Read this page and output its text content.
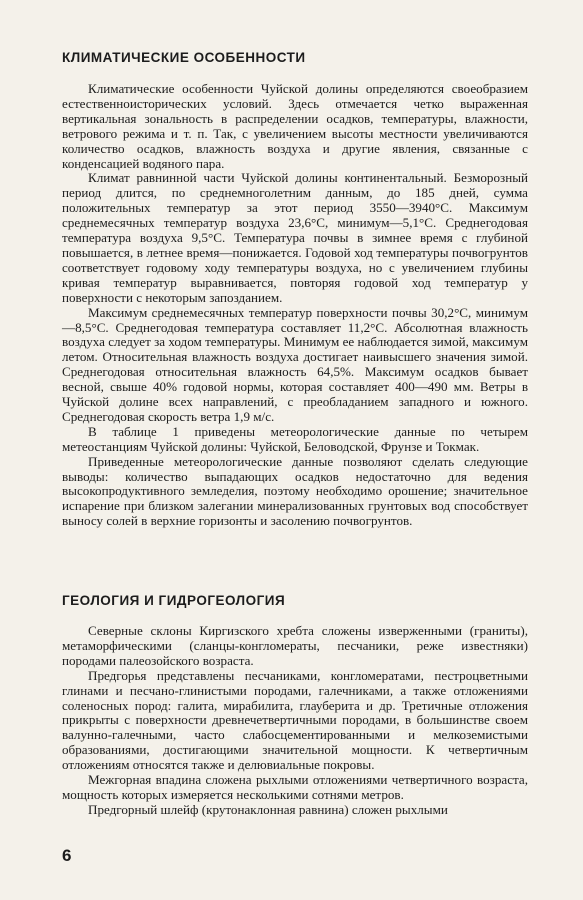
КЛИМАТИЧЕСКИЕ ОСОБЕННОСТИ

Климатические особенности Чуйской долины определяются своеобразием естественноисторических условий. Здесь отмечается четко выраженная вертикальная зональность в распределении осадков, температуры, влажности, ветрового режима и т. п. Так, с увеличением высоты местности увеличиваются количество осадков, влажность воздуха и другие явления, связанные с конденсацией водяного пара.

Климат равнинной части Чуйской долины континентальный. Безморозный период длится, по среднемноголетним данным, до 185 дней, сумма положительных температур за этот период 3550—3940°С. Максимум среднемесячных температур воздуха 23,6°С, минимум—5,1°С. Среднегодовая температура воздуха 9,5°С. Температура почвы в зимнее время с глубиной повышается, в летнее время—понижается. Годовой ход температуры почвогрунтов соответствует годовому ходу температуры воздуха, но с увеличением глубины кривая температур выравнивается, повторяя годовой ход температур у поверхности с некоторым запозданием.

Максимум среднемесячных температур поверхности почвы 30,2°С, минимум—8,5°С. Среднегодовая температура составляет 11,2°С. Абсолютная влажность воздуха следует за ходом температуры. Минимум ее наблюдается зимой, максимум летом. Относительная влажность воздуха достигает наивысшего значения зимой. Среднегодовая относительная влажность 64,5%. Максимум осадков бывает весной, свыше 40% годовой нормы, которая составляет 400—490 мм. Ветры в Чуйской долине всех направлений, с преобладанием западного и южного. Среднегодовая скорость ветра 1,9 м/с.

В таблице 1 приведены метеорологические данные по четырем метеостанциям Чуйской долины: Чуйской, Беловодской, Фрунзе и Токмак.

Приведенные метеорологические данные позволяют сделать следующие выводы: количество выпадающих осадков недостаточно для ведения высокопродуктивного земледелия, поэтому необходимо орошение; значительное испарение при близком залегании минерализованных грунтовых вод способствует выносу солей в верхние горизонты и засолению почвогрунтов.

ГЕОЛОГИЯ И ГИДРОГЕОЛОГИЯ

Северные склоны Киргизского хребта сложены изверженными (граниты), метаморфическими (сланцы-конгломераты, песчаники, реже известняки) породами палеозойского возраста.

Предгорья представлены песчаниками, конгломератами, пестроцветными глинами и песчано-глинистыми породами, галечниками, а также отложениями соленосных пород: галита, мирабилита, глауберита и др. Третичные отложения прикрыты с поверхности древнечетвертичными породами, в большинстве своем валунно-галечными, часто слабосцементированными и мелкоземистыми образованиями, достигающими значительной мощности. К четвертичным отложениям относятся также и делювиальные покровы.

Межгорная впадина сложена рыхлыми отложениями четвертичного возраста, мощность которых измеряется несколькими сотнями метров.

Предгорный шлейф (крутонаклонная равнина) сложен рыхлыми

6
